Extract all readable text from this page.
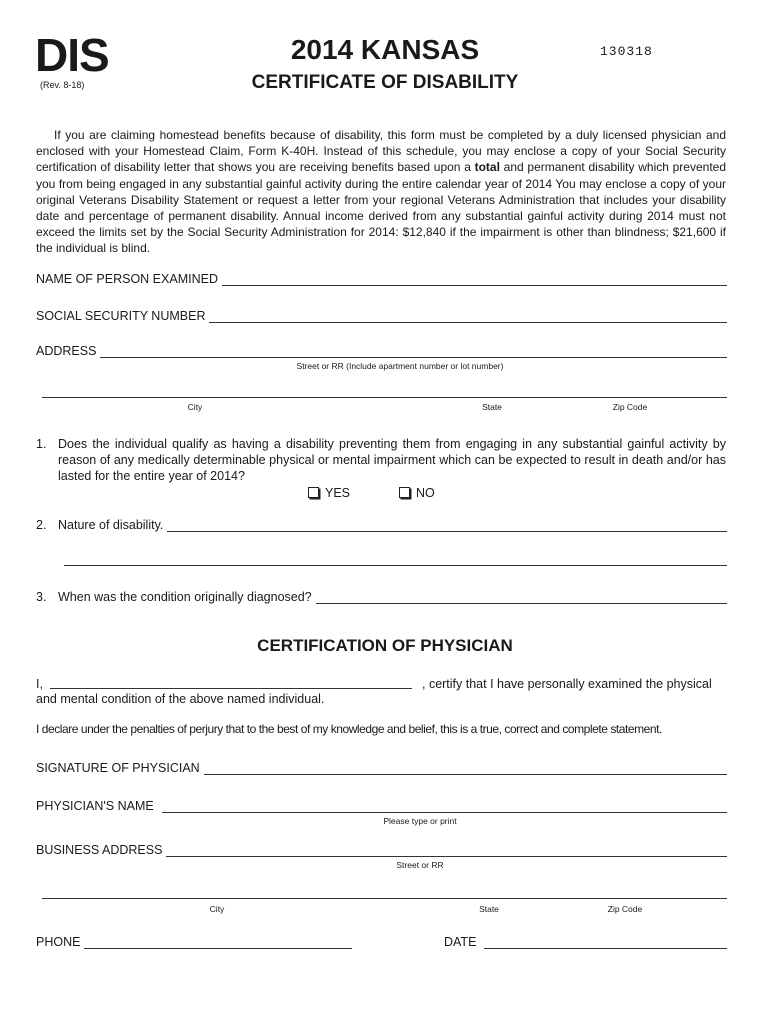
DIS
(Rev. 8-18)
2014 KANSAS	130318
CERTIFICATE OF DISABILITY
If you are claiming homestead benefits because of disability, this form must be completed by a duly licensed physician and enclosed with your Homestead Claim, Form K-40H. Instead of this schedule, you may enclose a copy of your Social Security certification of disability letter that shows you are receiving benefits based upon a total and permanent disability which prevented you from being engaged in any substantial gainful activity during the entire calendar year of 2014 You may enclose a copy of your original Veterans Disability Statement or request a letter from your regional Veterans Administration that includes your disability date and percentage of permanent disability. Annual income derived from any substantial gainful activity during 2014 must not exceed the limits set by the Social Security Administration for 2014: $12,840 if the impairment is other than blindness; $21,600 if the individual is blind.
NAME OF PERSON EXAMINED
SOCIAL SECURITY NUMBER
ADDRESS
Street or RR (Include apartment number or lot number)
City	State	Zip Code
1. Does the individual qualify as having a disability preventing them from engaging in any substantial gainful activity by reason of any medically determinable physical or mental impairment which can be expected to result in death and/or has lasted for the entire year of 2014?
YES	NO
2. Nature of disability.
3. When was the condition originally diagnosed?
CERTIFICATION OF PHYSICIAN
I,	, certify that I have personally examined the physical
and mental condition of the above named individual.
I declare under the penalties of perjury that to the best of my knowledge and belief, this is a true, correct and complete statement.
SIGNATURE OF PHYSICIAN
PHYSICIAN'S NAME
Please type or print
BUSINESS ADDRESS
Street or RR
City	State	Zip Code
PHONE	DATE
